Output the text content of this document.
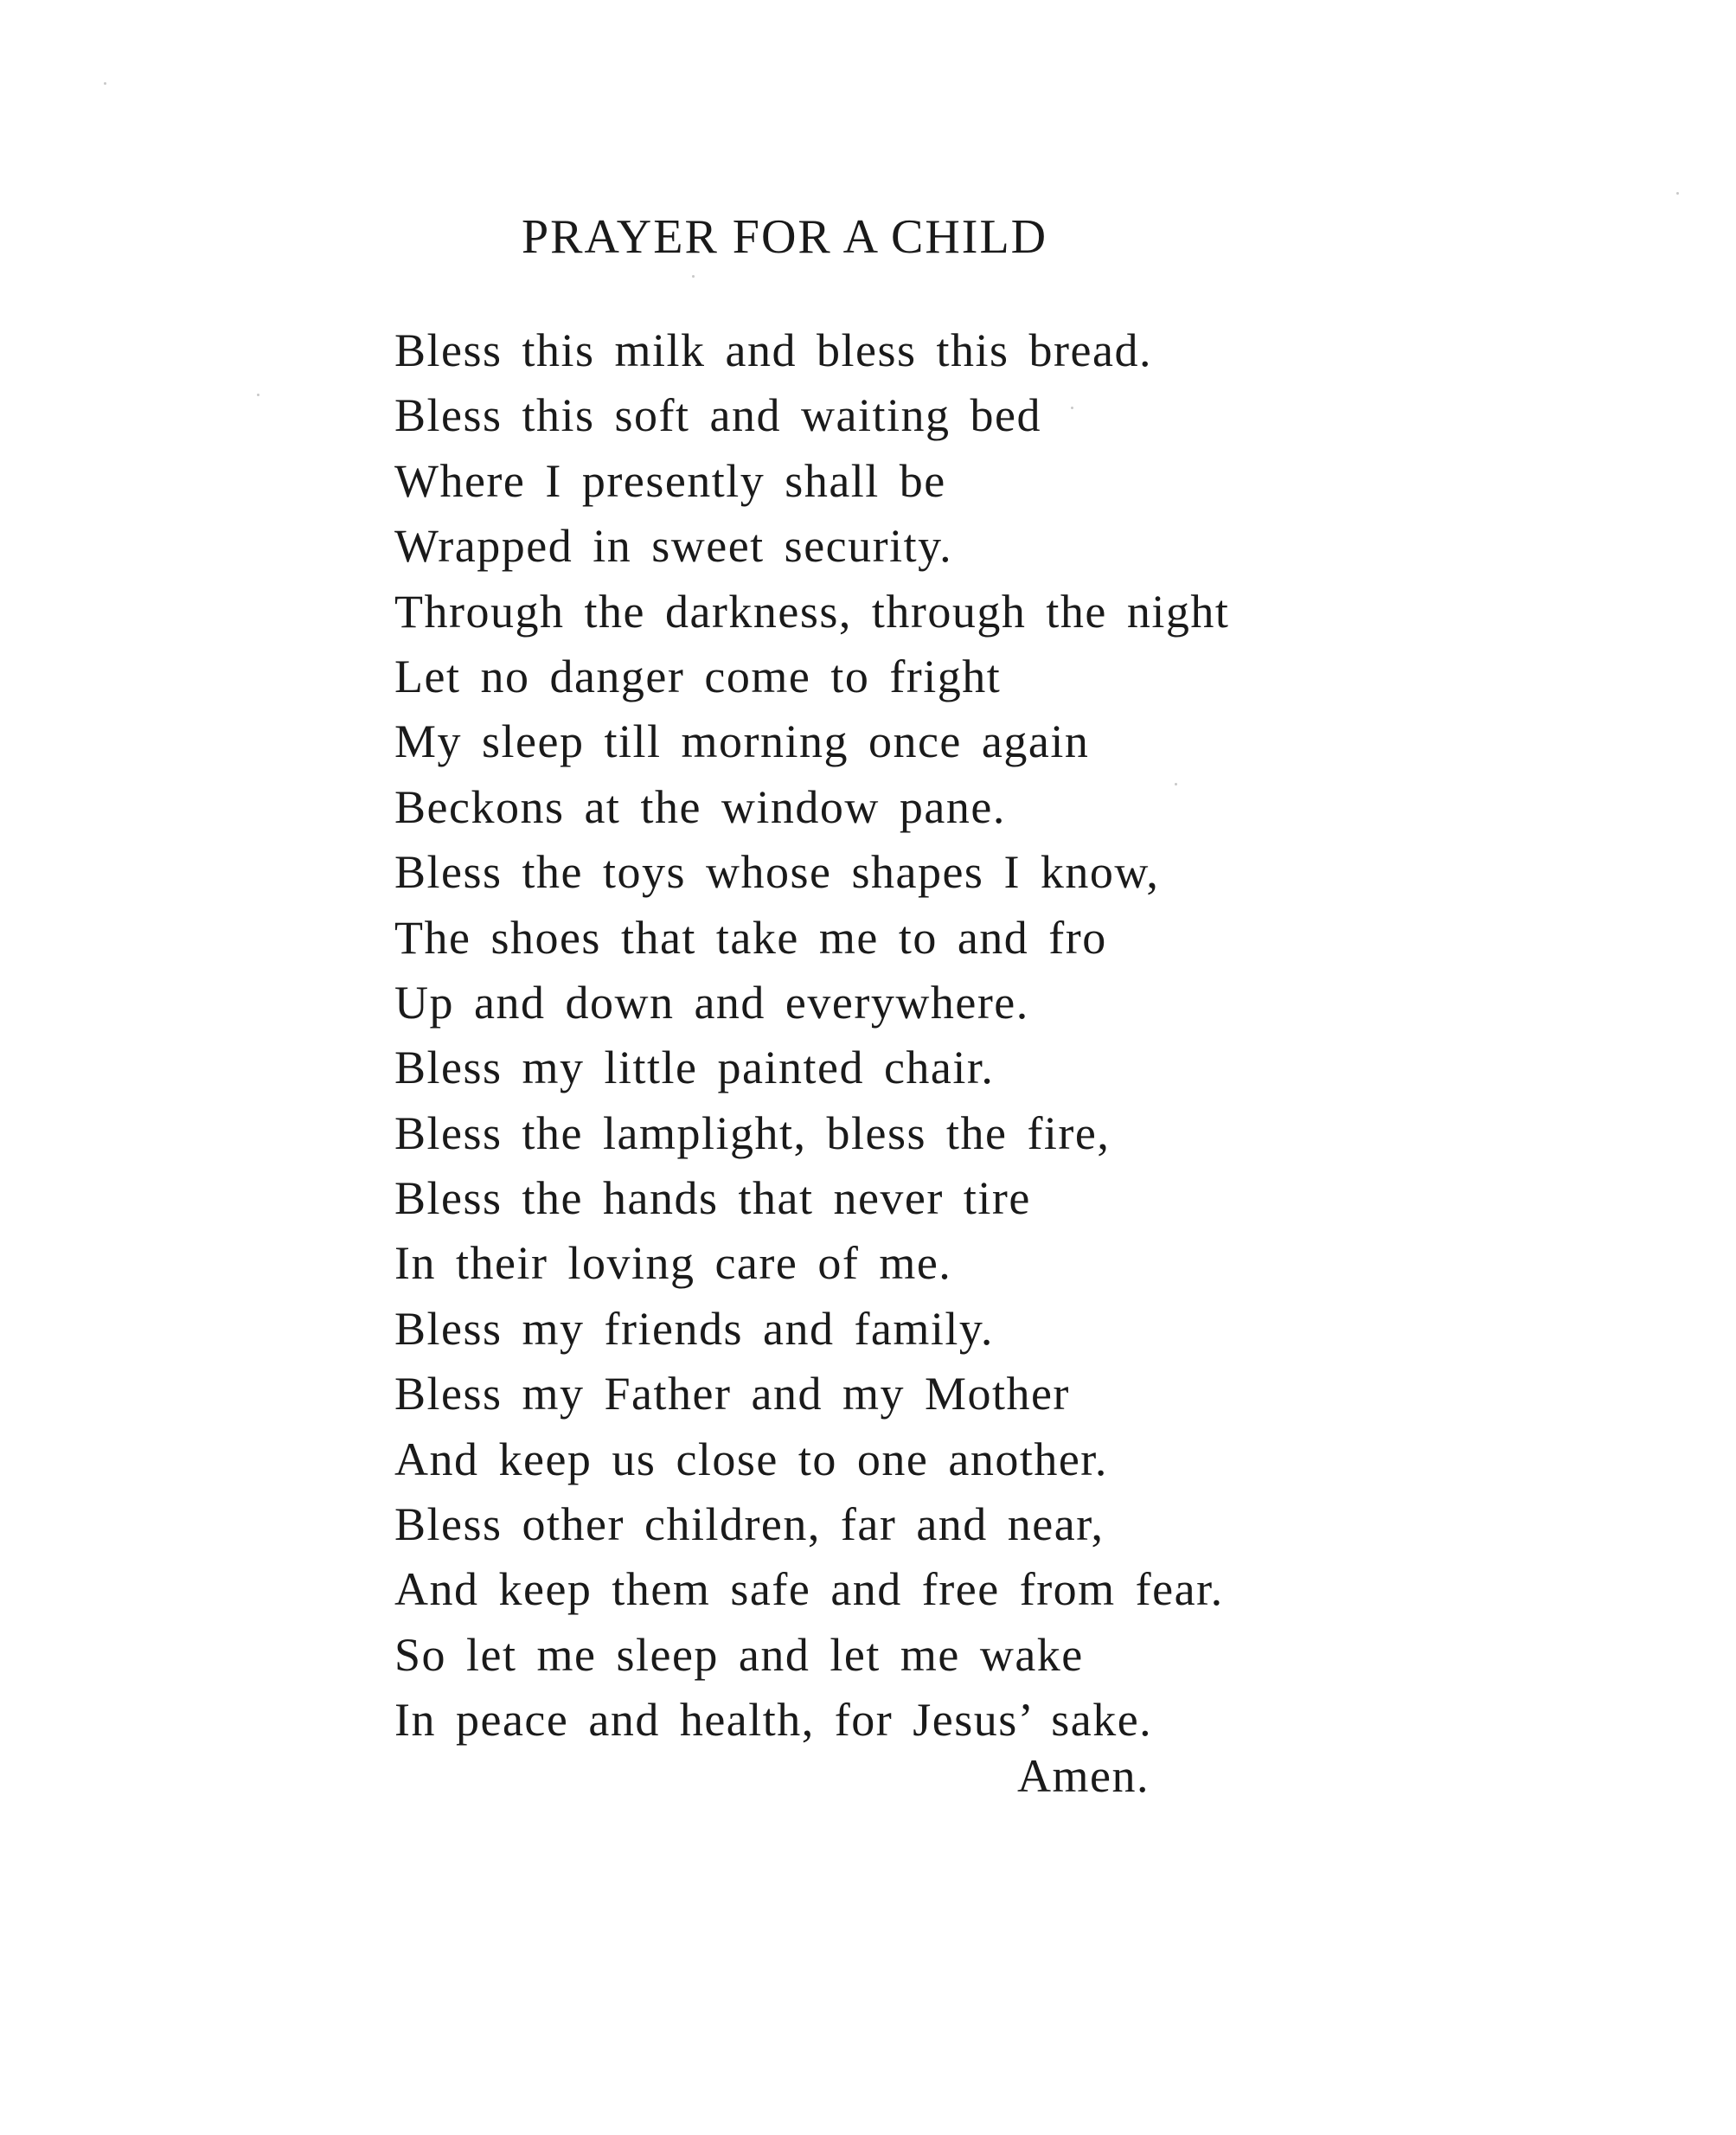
PRAYER FOR A CHILD
Bless this milk and bless this bread.
Bless this soft and waiting bed
Where I presently shall be
Wrapped in sweet security.
Through the darkness, through the night
Let no danger come to fright
My sleep till morning once again
Beckons at the window pane.
Bless the toys whose shapes I know,
The shoes that take me to and fro
Up and down and everywhere.
Bless my little painted chair.
Bless the lamplight, bless the fire,
Bless the hands that never tire
In their loving care of me.
Bless my friends and family.
Bless my Father and my Mother
And keep us close to one another.
Bless other children, far and near,
And keep them safe and free from fear.
So let me sleep and let me wake
In peace and health, for Jesus’ sake.
Amen.
